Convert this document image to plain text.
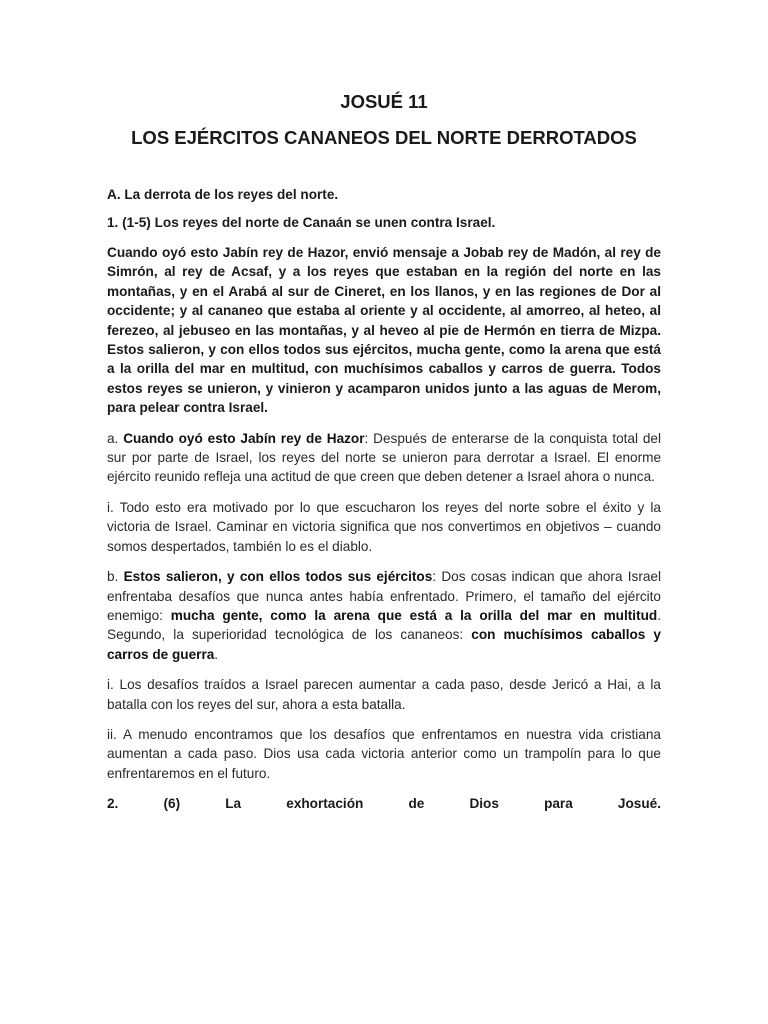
JOSUÉ 11
LOS EJÉRCITOS CANANEOS DEL NORTE DERROTADOS

A. La derrota de los reyes del norte.

1. (1-5) Los reyes del norte de Canaán se unen contra Israel.

Cuando oyó esto Jabín rey de Hazor, envió mensaje a Jobab rey de Madón, al rey de Simrón, al rey de Acsaf, y a los reyes que estaban en la región del norte en las montañas, y en el Arabá al sur de Cineret, en los llanos, y en las regiones de Dor al occidente; y al cananeo que estaba al oriente y al occidente, al amorreo, al heteo, al ferezeo, al jebuseo en las montañas, y al heveo al pie de Hermón en tierra de Mizpa. Estos salieron, y con ellos todos sus ejércitos, mucha gente, como la arena que está a la orilla del mar en multitud, con muchísimos caballos y carros de guerra. Todos estos reyes se unieron, y vinieron y acamparon unidos junto a las aguas de Merom, para pelear contra Israel.

a. Cuando oyó esto Jabín rey de Hazor: Después de enterarse de la conquista total del sur por parte de Israel, los reyes del norte se unieron para derrotar a Israel. El enorme ejército reunido refleja una actitud de que creen que deben detener a Israel ahora o nunca.

i. Todo esto era motivado por lo que escucharon los reyes del norte sobre el éxito y la victoria de Israel. Caminar en victoria significa que nos convertimos en objetivos – cuando somos despertados, también lo es el diablo.

b. Estos salieron, y con ellos todos sus ejércitos: Dos cosas indican que ahora Israel enfrentaba desafíos que nunca antes había enfrentado. Primero, el tamaño del ejército enemigo: mucha gente, como la arena que está a la orilla del mar en multitud. Segundo, la superioridad tecnológica de los cananeos: con muchísimos caballos y carros de guerra.

i. Los desafíos traídos a Israel parecen aumentar a cada paso, desde Jericó a Hai, a la batalla con los reyes del sur, ahora a esta batalla.

ii. A menudo encontramos que los desafíos que enfrentamos en nuestra vida cristiana aumentan a cada paso. Dios usa cada victoria anterior como un trampolín para lo que enfrentaremos en el futuro.

2. (6) La exhortación de Dios para Josué.
